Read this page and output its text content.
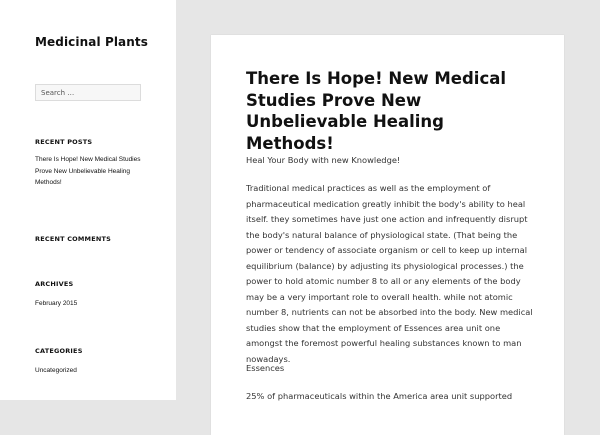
Medicinal Plants
Search …
RECENT POSTS
There Is Hope! New Medical Studies Prove New Unbelievable Healing Methods!
RECENT COMMENTS
ARCHIVES
February 2015
CATEGORIES
Uncategorized
There Is Hope! New Medical Studies Prove New Unbelievable Healing Methods!

Heal Your Body with new Knowledge!

Traditional medical practices as well as the employment of pharmaceutical medication greatly inhibit the body's ability to heal itself. they sometimes have just one action and infrequently disrupt the body's natural balance of physiological state. (That being the power or tendency of associate organism or cell to keep up internal equilibrium (balance) by adjusting its physiological processes.) the power to hold atomic number 8 to all or any elements of the body may be a very important role to overall health. while not atomic number 8, nutrients can not be absorbed into the body. New medical studies show that the employment of Essences area unit one amongst the foremost powerful healing substances known to man nowadays.

Essences

25% of pharmaceuticals within the America area unit supported
